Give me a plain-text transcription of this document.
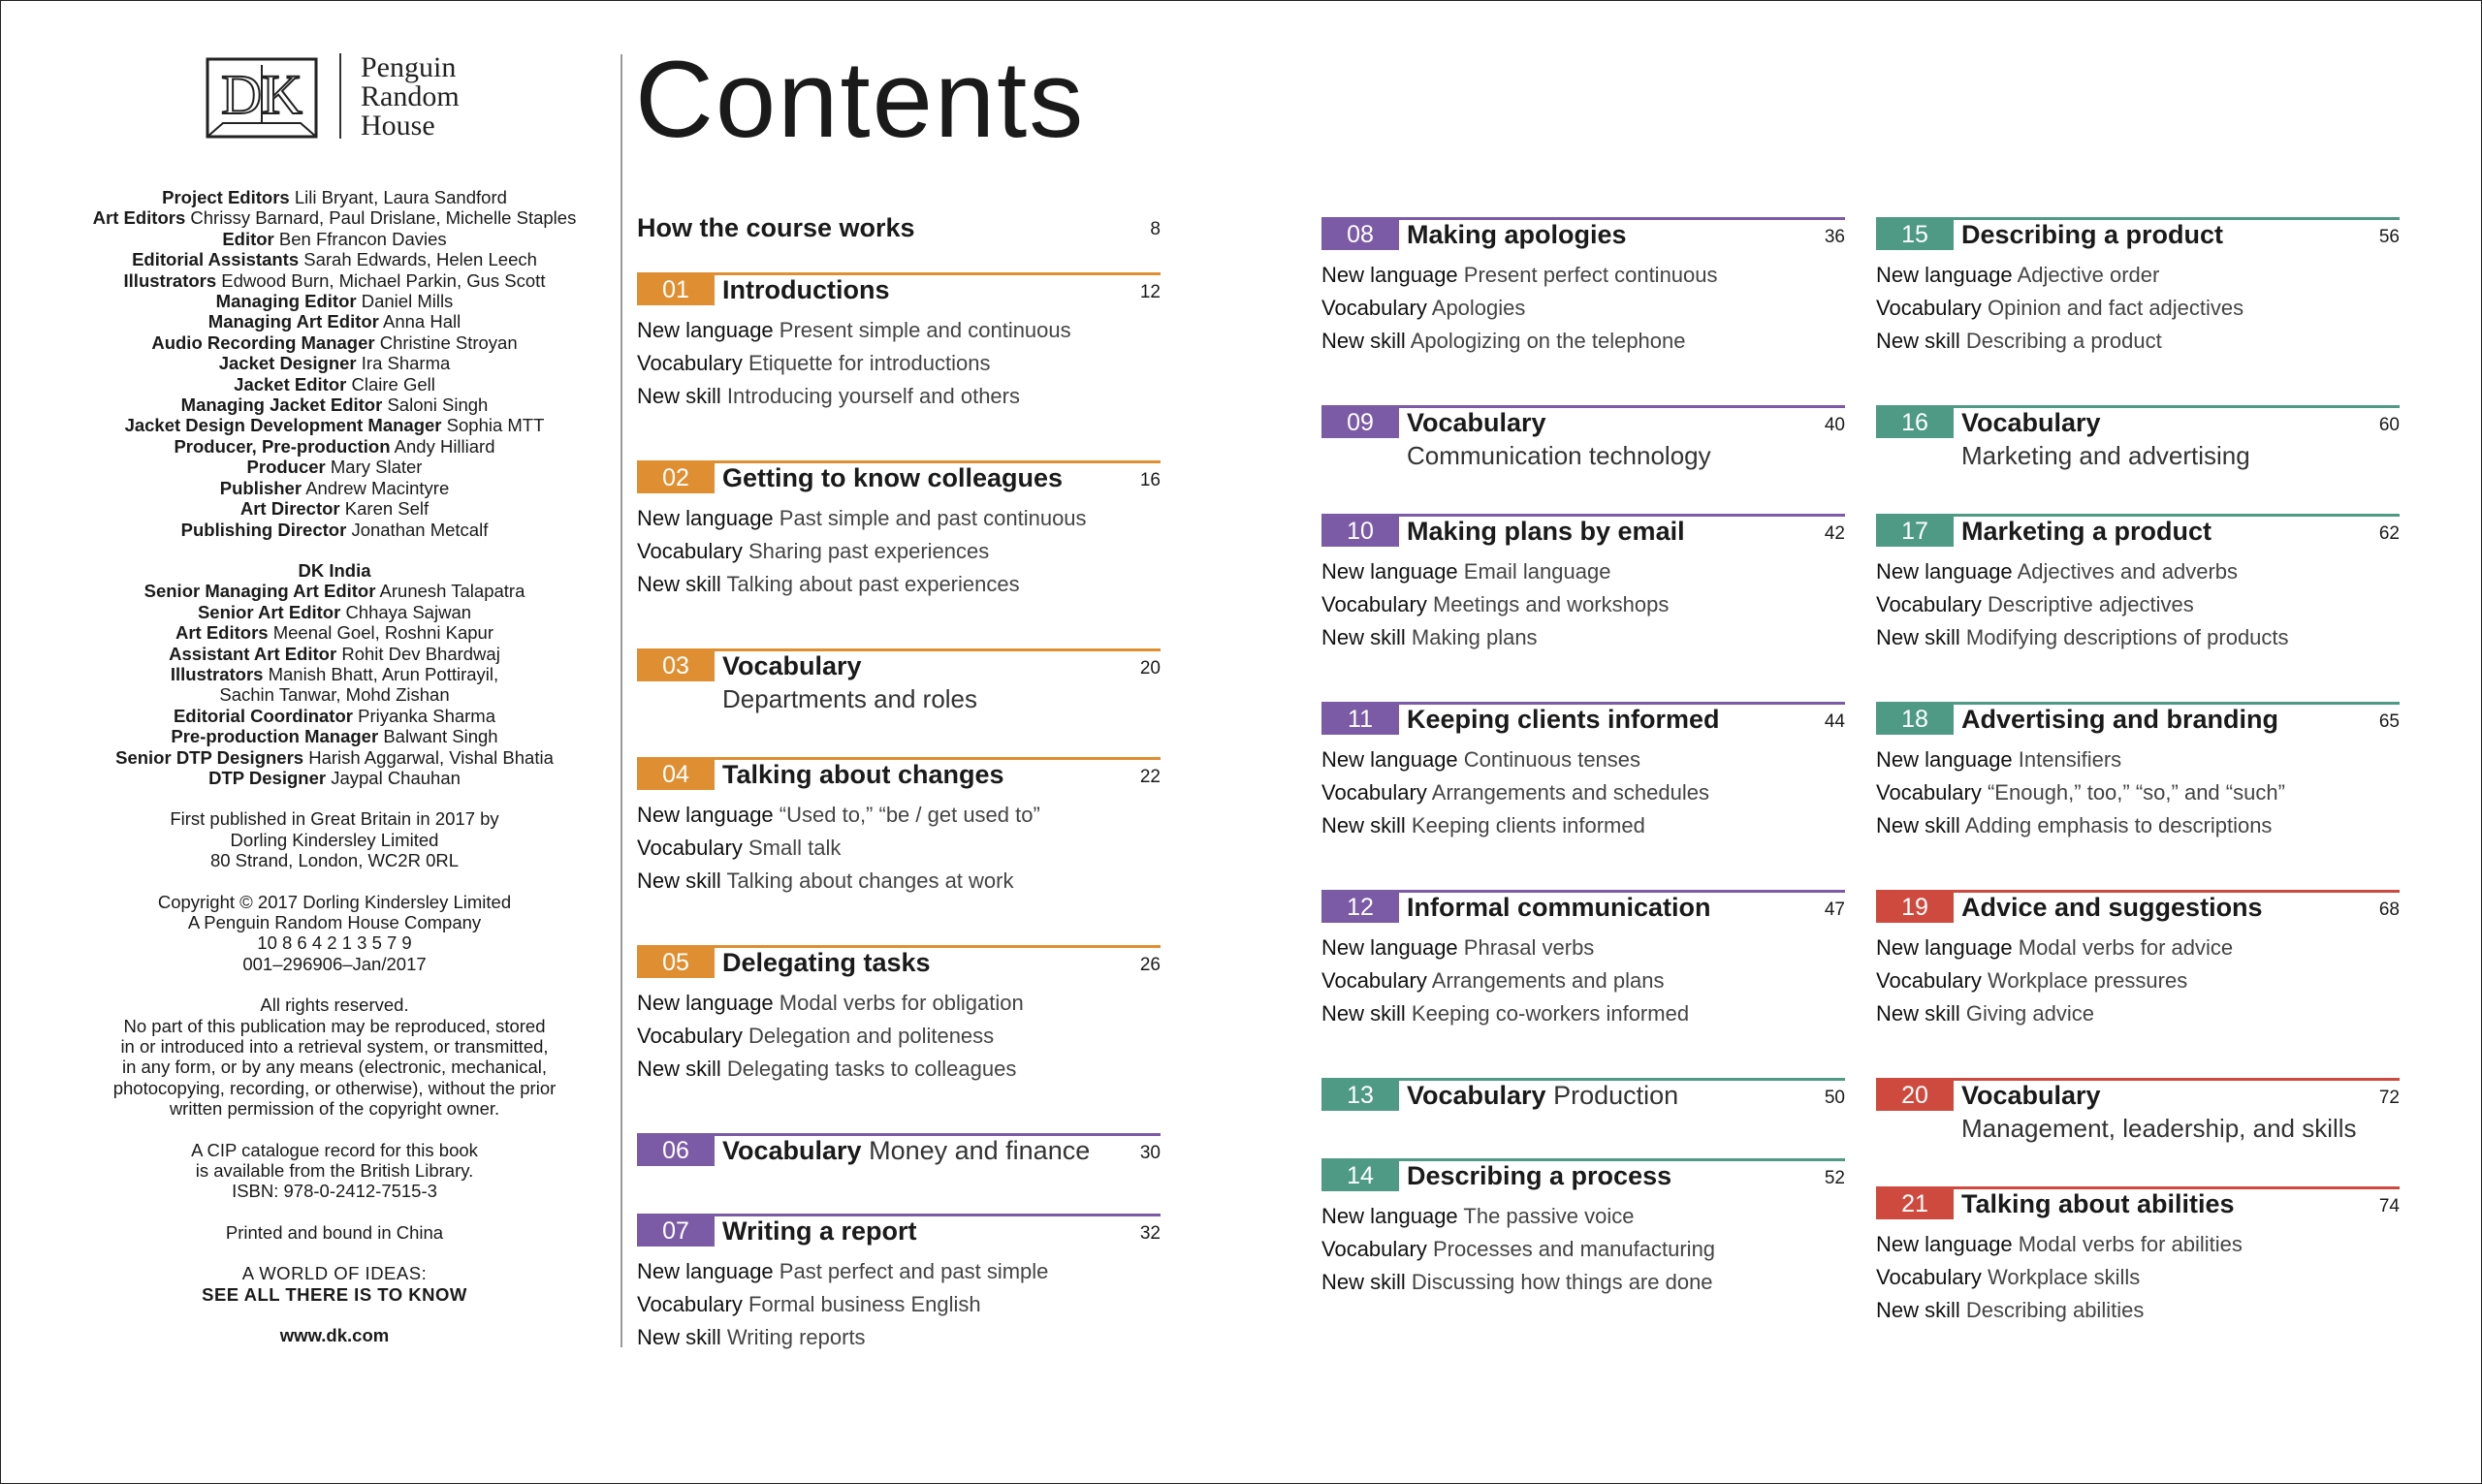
DK Penguin
Random
House
Project Editors Lili Bryant, Laura Sandford
Art Editors Chrissy Barnard, Paul Drislane, Michelle Staples
Editor Ben Ffrancon Davies
Editorial Assistants Sarah Edwards, Helen Leech
Illustrators Edwood Burn, Michael Parkin, Gus Scott
Managing Editor Daniel Mills
Managing Art Editor Anna Hall
Audio Recording Manager Christine Stroyan
Jacket Designer Ira Sharma
Jacket Editor Claire Gell
Managing Jacket Editor Saloni Singh
Jacket Design Development Manager Sophia MTT
Producer, Pre-production Andy Hilliard
Producer Mary Slater
Publisher Andrew Macintyre
Art Director Karen Self
Publishing Director Jonathan Metcalf
DK India
Senior Managing Art Editor Arunesh Talapatra
Senior Art Editor Chhaya Sajwan
Art Editors Meenal Goel, Roshni Kapur
Assistant Art Editor Rohit Dev Bhardwaj
Illustrators Manish Bhatt, Arun Pottirayil,
Sachin Tanwar, Mohd Zishan
Editorial Coordinator Priyanka Sharma
Pre-production Manager Balwant Singh
Senior DTP Designers Harish Aggarwal, Vishal Bhatia
DTP Designer Jaypal Chauhan
First published in Great Britain in 2017 by
Dorling Kindersley Limited
80 Strand, London, WC2R 0RL
Copyright © 2017 Dorling Kindersley Limited
A Penguin Random House Company
10 8 6 4 2 1 3 5 7 9
001–296906–Jan/2017
All rights reserved.
No part of this publication may be reproduced, stored
in or introduced into a retrieval system, or transmitted,
in any form, or by any means (electronic, mechanical,
photocopying, recording, or otherwise), without the prior
written permission of the copyright owner.
A CIP catalogue record for this book
is available from the British Library.
ISBN: 978-0-2412-7515-3
Printed and bound in China
A WORLD OF IDEAS:
SEE ALL THERE IS TO KNOW
www.dk.com
Contents
How the course works	8
01	Introductions	12
New language Present simple and continuous
Vocabulary Etiquette for introductions
New skill Introducing yourself and others
02	Getting to know colleagues	16
New language Past simple and past continuous
Vocabulary Sharing past experiences
New skill Talking about past experiences
03	Vocabulary	20
Departments and roles
04	Talking about changes	22
New language “Used to,” “be / get used to”
Vocabulary Small talk
New skill Talking about changes at work
05	Delegating tasks	26
New language Modal verbs for obligation
Vocabulary Delegation and politeness
New skill Delegating tasks to colleagues
06	Vocabulary Money and finance	30
07	Writing a report	32
New language Past perfect and past simple
Vocabulary Formal business English
New skill Writing reports
08	Making apologies	36
New language Present perfect continuous
Vocabulary Apologies
New skill Apologizing on the telephone
09	Vocabulary	40
Communication technology
10	Making plans by email	42
New language Email language
Vocabulary Meetings and workshops
New skill Making plans
11	Keeping clients informed	44
New language Continuous tenses
Vocabulary Arrangements and schedules
New skill Keeping clients informed
12	Informal communication	47
New language Phrasal verbs
Vocabulary Arrangements and plans
New skill Keeping co-workers informed
13	Vocabulary Production	50
14	Describing a process	52
New language The passive voice
Vocabulary Processes and manufacturing
New skill Discussing how things are done
15	Describing a product	56
New language Adjective order
Vocabulary Opinion and fact adjectives
New skill Describing a product
16	Vocabulary	60
Marketing and advertising
17	Marketing a product	62
New language Adjectives and adverbs
Vocabulary Descriptive adjectives
New skill Modifying descriptions of products
18	Advertising and branding	65
New language Intensifiers
Vocabulary “Enough,” too,” “so,” and “such”
New skill Adding emphasis to descriptions
19	Advice and suggestions	68
New language Modal verbs for advice
Vocabulary Workplace pressures
New skill Giving advice
20	Vocabulary	72
Management, leadership, and skills
21	Talking about abilities	74
New language Modal verbs for abilities
Vocabulary Workplace skills
New skill Describing abilities
